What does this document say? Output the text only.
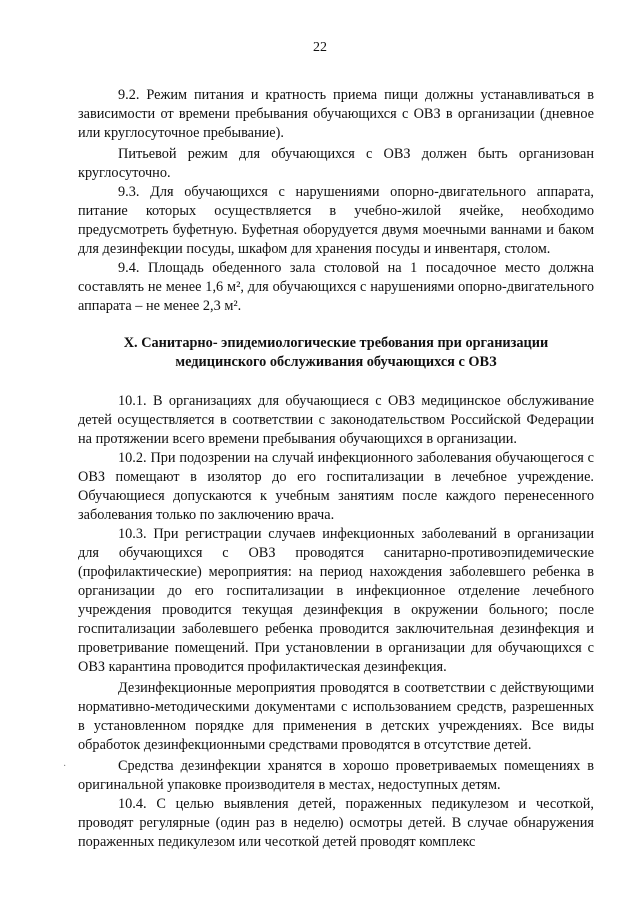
22

9.2. Режим питания и кратность приема пищи должны устанавливаться в зависимости от времени пребывания обучающихся с ОВЗ в организации (дневное или круглосуточное пребывание).

Питьевой режим для обучающихся с ОВЗ должен быть организован круглосуточно.

9.3. Для обучающихся с нарушениями опорно-двигательного аппарата, питание которых осуществляется в учебно-жилой ячейке, необходимо предусмотреть буфетную. Буфетная оборудуется двумя моечными ваннами и баком для дезинфекции посуды, шкафом для хранения посуды и инвентаря, столом.

9.4. Площадь обеденного зала столовой на 1 посадочное место должна составлять не менее 1,6 м², для обучающихся с нарушениями опорно-двигательного аппарата – не менее 2,3 м².

X. Санитарно- эпидемиологические требования при организации
медицинского обслуживания обучающихся с ОВЗ

10.1. В организациях для обучающиеся с ОВЗ медицинское обслуживание детей осуществляется в соответствии с законодательством Российской Федерации на протяжении всего времени пребывания обучающихся в организации.

10.2. При подозрении на случай инфекционного заболевания обучающегося с ОВЗ помещают в изолятор до его госпитализации в лечебное учреждение. Обучающиеся допускаются к учебным занятиям после каждого перенесенного заболевания только по заключению врача.

10.3. При регистрации случаев инфекционных заболеваний в организации для обучающихся с ОВЗ проводятся санитарно-противоэпидемические (профилактические) мероприятия: на период нахождения заболевшего ребенка в организации до его госпитализации в инфекционное отделение лечебного учреждения проводится текущая дезинфекция в окружении больного; после госпитализации заболевшего ребенка проводится заключительная дезинфекция и проветривание помещений. При установлении в организации для обучающихся с ОВЗ карантина проводится профилактическая дезинфекция.

Дезинфекционные мероприятия проводятся в соответствии с действующими нормативно-методическими документами с использованием средств, разрешенных в установленном порядке для применения в детских учреждениях. Все виды обработок дезинфекционными средствами проводятся в отсутствие детей.

·	Средства дезинфекции хранятся в хорошо проветриваемых помещениях в оригинальной упаковке производителя в местах, недоступных детям.

10.4. С целью выявления детей, пораженных педикулезом и чесоткой, проводят регулярные (один раз в неделю) осмотры детей. В случае обнаружения пораженных педикулезом или чесоткой детей проводят комплекс
